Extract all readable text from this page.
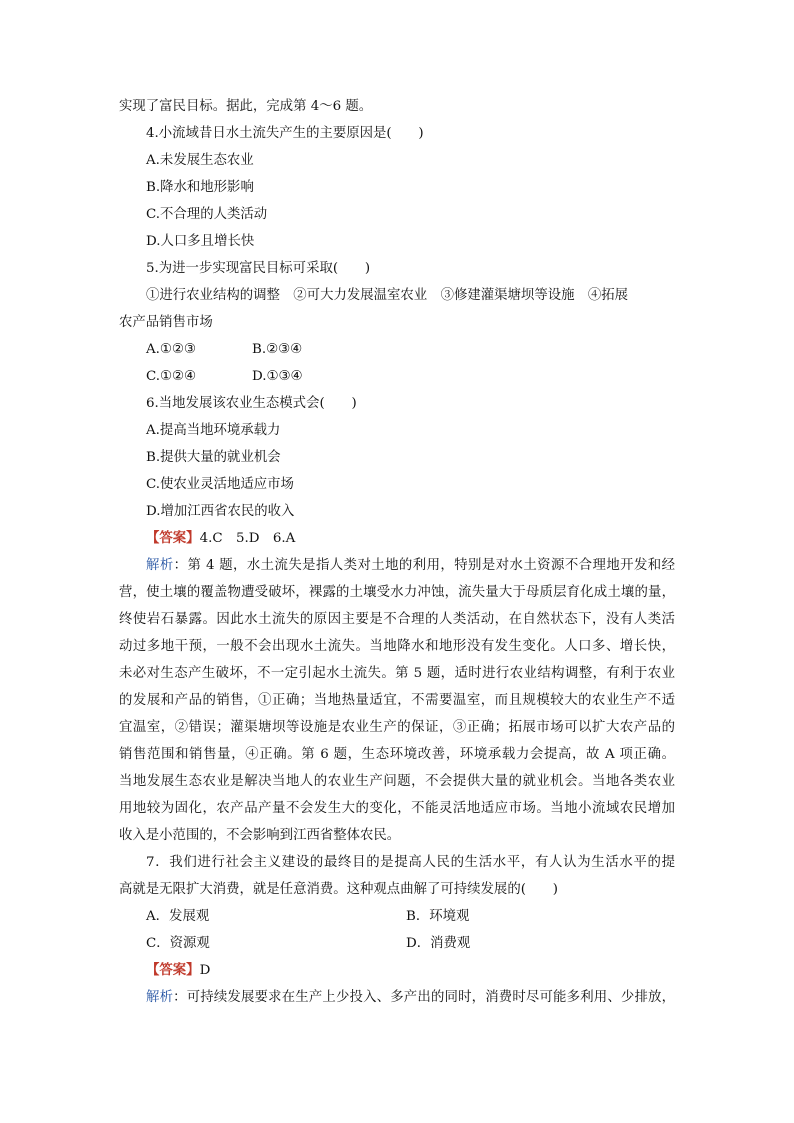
实现了富民目标。据此，完成第 4～6 题。
4.小流域昔日水土流失产生的主要原因是(　　)
A.未发展生态农业
B.降水和地形影响
C.不合理的人类活动
D.人口多且增长快
5.为进一步实现富民目标可采取(　　)
①进行农业结构的调整　②可大力发展温室农业　③修建灌渠塘坝等设施　④拓展
农产品销售市场
A.①②③	B.②③④
C.①②④	D.①③④
6.当地发展该农业生态模式会(　　)
A.提高当地环境承载力
B.提供大量的就业机会
C.使农业灵活地适应市场
D.增加江西省农民的收入
【答案】4.C　5.D　6.A
解析：第 4 题，水土流失是指人类对土地的利用，特别是对水土资源不合理地开发和经
营，使土壤的覆盖物遭受破坏，裸露的土壤受水力冲蚀，流失量大于母质层育化成土壤的量，
终使岩石暴露。因此水土流失的原因主要是不合理的人类活动，在自然状态下，没有人类活
动过多地干预，一般不会出现水土流失。当地降水和地形没有发生变化。人口多、增长快，
未必对生态产生破坏，不一定引起水土流失。第 5 题，适时进行农业结构调整，有利于农业
的发展和产品的销售，①正确；当地热量适宜，不需要温室，而且规模较大的农业生产不适
宜温室，②错误；灌渠塘坝等设施是农业生产的保证，③正确；拓展市场可以扩大农产品的
销售范围和销售量，④正确。第 6 题，生态环境改善，环境承载力会提高，故 A 项正确。
当地发展生态农业是解决当地人的农业生产问题，不会提供大量的就业机会。当地各类农业
用地较为固化，农产品产量不会发生大的变化，不能灵活地适应市场。当地小流域农民增加
收入是小范围的，不会影响到江西省整体农民。
7．我们进行社会主义建设的最终目的是提高人民的生活水平，有人认为生活水平的提
高就是无限扩大消费，就是任意消费。这种观点曲解了可持续发展的(　　)
A．发展观	B．环境观
C．资源观	D．消费观
【答案】D
解析：可持续发展要求在生产上少投入、多产出的同时，消费时尽可能多利用、少排放，
